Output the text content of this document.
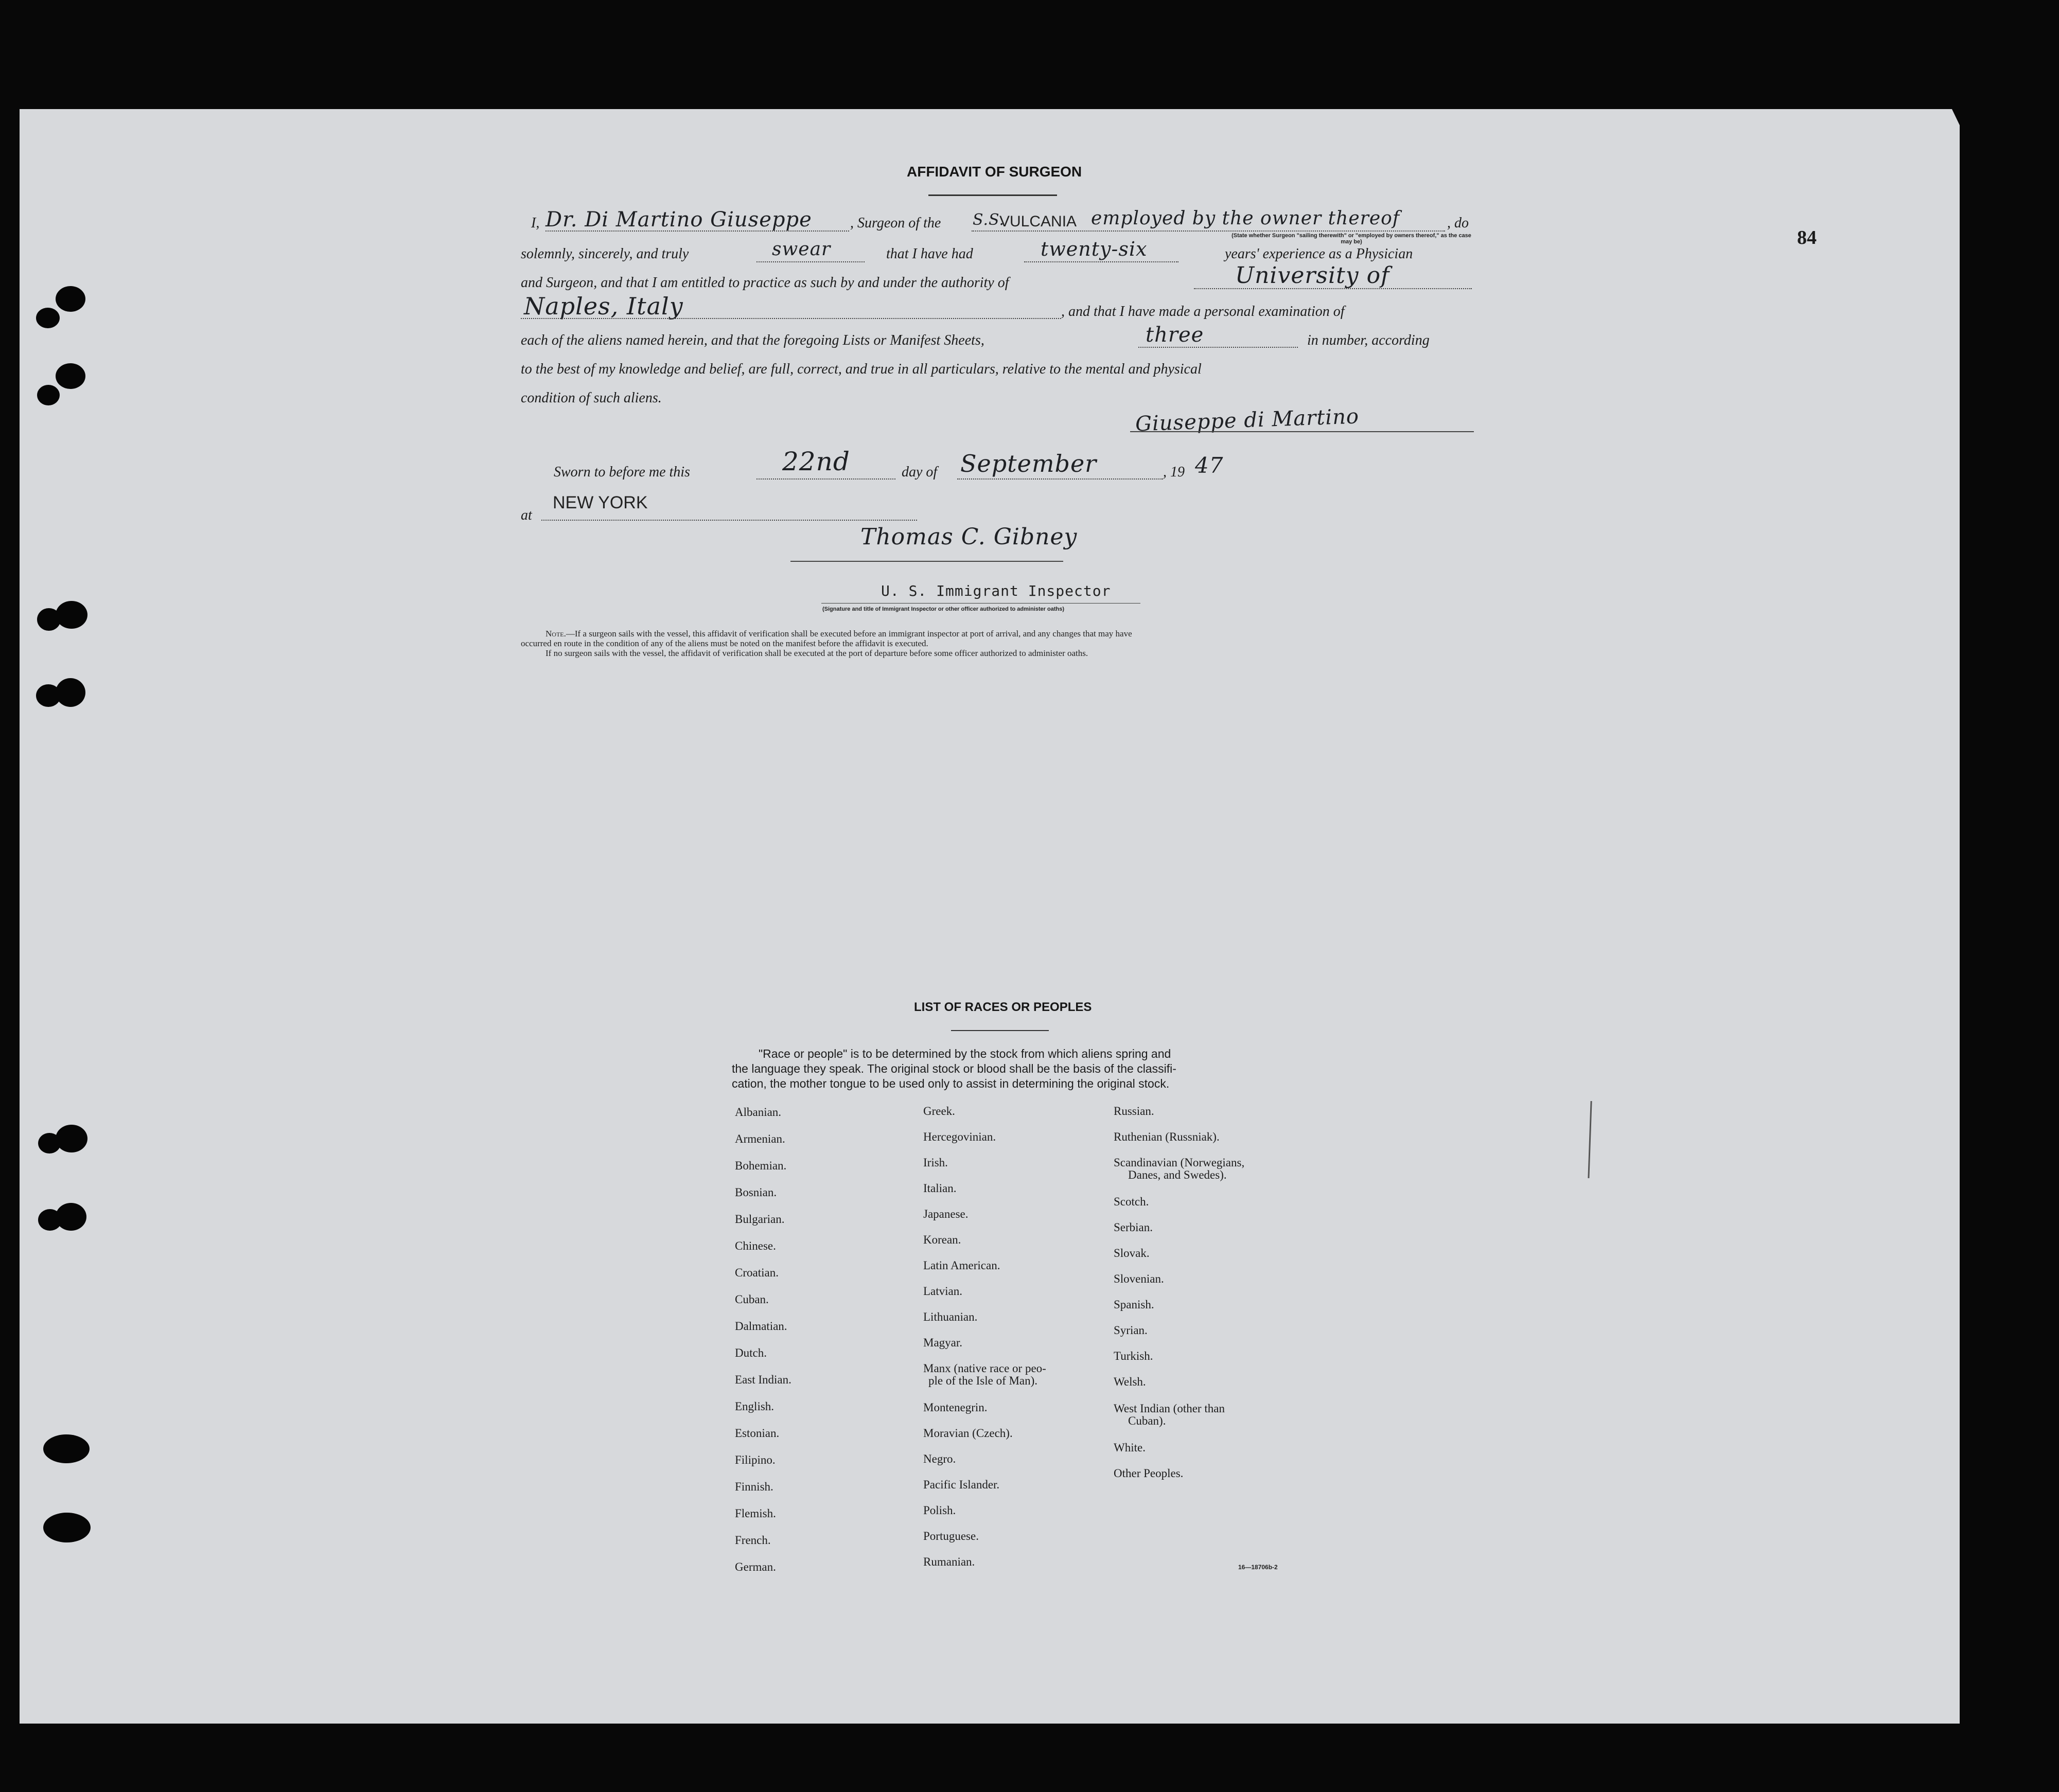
84
AFFIDAVIT OF SURGEON
I, Dr. Di Martino Giuseppe	, Surgeon of the S.S.
VULCANIA employed by the owner thereof	, do
(State whether Surgeon "sailing therewith" or "employed by owners thereof," as the case may be)
solemnly, sincerely, and truly	swear	that I have had	twenty-six	years' experience as a Physician
and Surgeon, and that I am entitled to practice as such by and under the authority of	University of
Naples, Italy	, and that I have made a personal examination of
each of the aliens named herein, and that the foregoing Lists or Manifest Sheets,	three	in number, according
to the best of my knowledge and belief, are full, correct, and true in all particulars, relative to the mental and physical
condition of such aliens.
Giuseppe di Martino
Sworn to before me this	22nd	day of September	, 19 47
at
NEW YORK
Thomas C. Gibney
U. S. Immigrant Inspector
(Signature and title of Immigrant Inspector or other officer authorized to administer oaths)
Note.—If a surgeon sails with the vessel, this affidavit of verification shall be executed before an immigrant inspector at port of arrival, and any changes that may have
occurred en route in the condition of any of the aliens must be noted on the manifest before the affidavit is executed.
If no surgeon sails with the vessel, the affidavit of verification shall be executed at the port of departure before some officer authorized to administer oaths.
LIST OF RACES OR PEOPLES
"Race or people" is to be determined by the stock from which aliens spring and
the language they speak. The original stock or blood shall be the basis of the classifi-
cation, the mother tongue to be used only to assist in determining the original stock.
Albanian.
Armenian.
Bohemian.
Bosnian.
Bulgarian.
Chinese.
Croatian.
Cuban.
Dalmatian.
Dutch.
East Indian.
English.
Estonian.
Filipino.
Finnish.
Flemish.
French.
German.
Greek.
Hercegovinian.
Irish.
Italian.
Japanese.
Korean.
Latin American.
Latvian.
Lithuanian.
Magyar.
Manx (native race or peo-
ple of the Isle of Man).
Montenegrin.
Moravian (Czech).
Negro.
Pacific Islander.
Polish.
Portuguese.
Rumanian.
Russian.
Ruthenian (Russniak).
Scandinavian (Norwegians,
Danes, and Swedes).
Scotch.
Serbian.
Slovak.
Slovenian.
Spanish.
Syrian.
Turkish.
Welsh.
West Indian (other than
Cuban).
White.
Other Peoples.
16—18706b-2
